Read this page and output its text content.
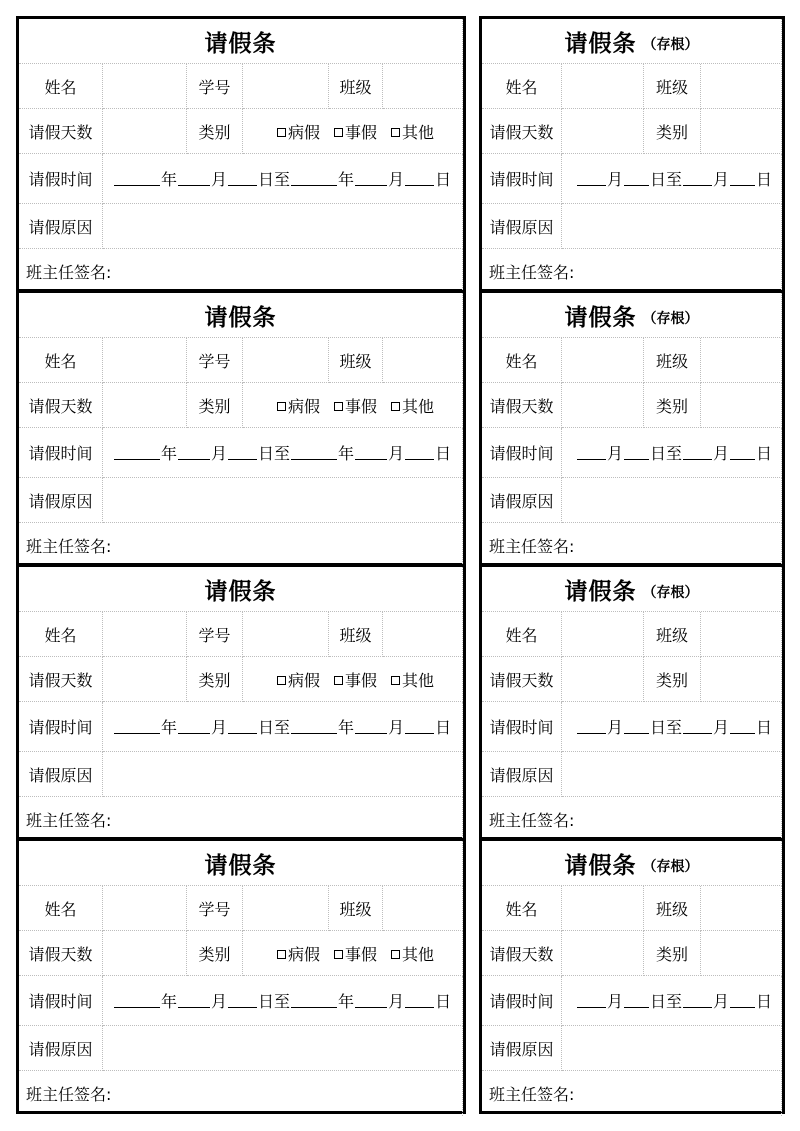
请假条
姓名	学号	班级
请假天数	类别	病假 事假 其他
请假时间	年 月 日至	年 月 日
请假原因
班主任签名:
请假条
姓名	学号	班级
请假天数	类别	病假 事假 其他
请假时间	年 月 日至	年 月 日
请假原因
班主任签名:
请假条
姓名	学号	班级
请假天数	类别	病假 事假 其他
请假时间	年 月 日至	年 月 日
请假原因
班主任签名:
请假条
姓名	学号	班级
请假天数	类别	病假 事假 其他
请假时间	年 月 日至	年 月 日
请假原因
班主任签名:
请假条 （存根）
姓名	班级
请假天数	类别
请假时间	月 日至 月 日
请假原因
班主任签名:
请假条 （存根）
姓名	班级
请假天数	类别
请假时间	月 日至 月 日
请假原因
班主任签名:
请假条 （存根）
姓名	班级
请假天数	类别
请假时间	月 日至 月 日
请假原因
班主任签名:
请假条 （存根）
姓名	班级
请假天数	类别
请假时间	月 日至 月 日
请假原因
班主任签名:
